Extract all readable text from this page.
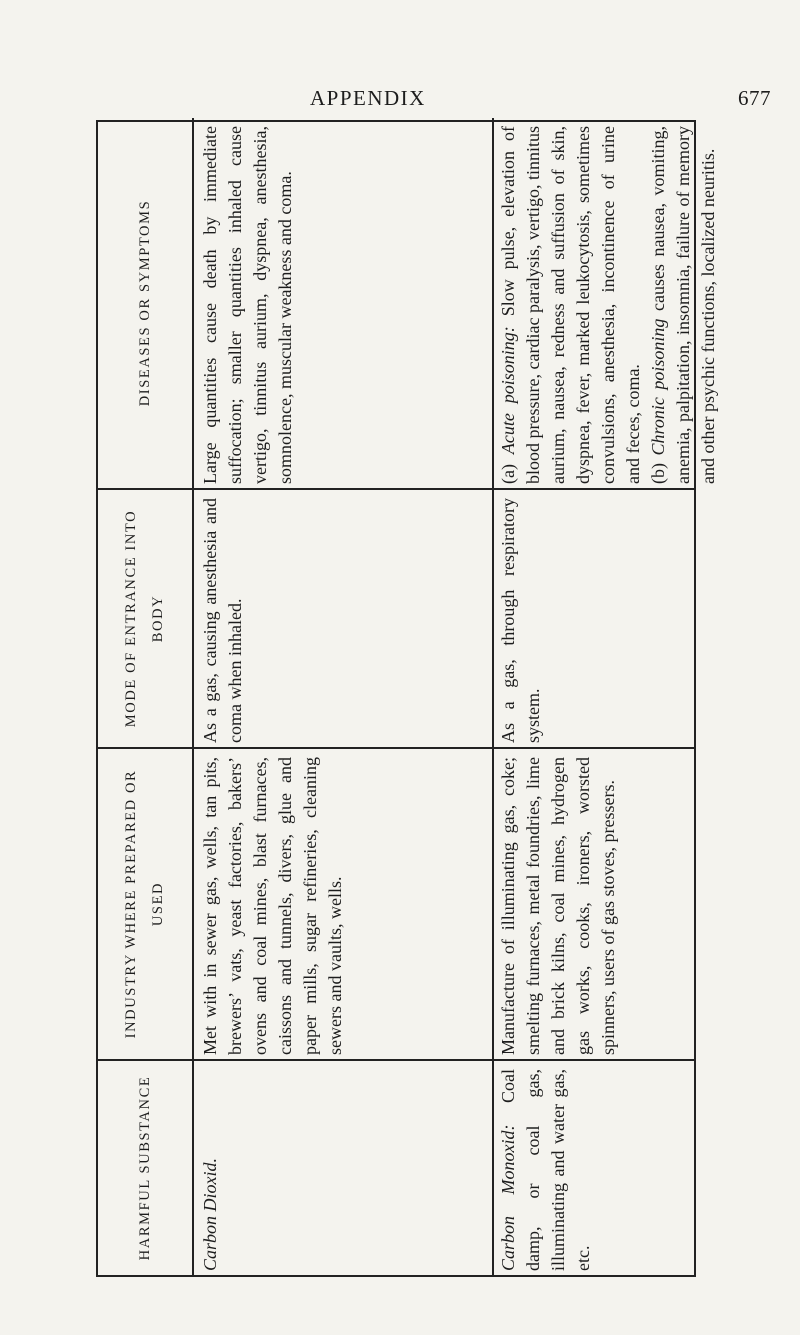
APPENDIX	677
HARMFUL SUBSTANCE	Carbon Dioxid.	Carbon Monoxid: Coal damp, or coal gas, illuminating and water gas, etc.
INDUSTRY WHERE PREPARED OR USED	Met with in sewer gas, wells, tan pits, brewers’ vats, yeast factories, bakers’ ovens and coal mines, blast furnaces, caissons and tunnels, divers, glue and paper mills, sugar refineries, cleaning sewers and vaults, wells.	Manufacture of illuminating gas, coke; smelting furnaces, metal foundries, lime and brick kilns, coal mines, hydrogen gas works, cooks, ironers, worsted spinners, users of gas stoves, pressers.
MODE OF ENTRANCE INTO BODY	As a gas, causing anesthesia and coma when inhaled.	As a gas, through respiratory system.
DISEASES OR SYMPTOMS	Large quantities cause death by immediate suffocation; smaller quantities inhaled cause vertigo, tinnitus aurium, dyspnea, anesthesia, somnolence, muscular weakness and coma.	(a) Acute poisoning: Slow pulse, elevation of blood pressure, cardiac paralysis, vertigo, tinnitus aurium, nausea, redness and suffusion of skin, dyspnea, fever, marked leukocytosis, sometimes convulsions, anesthesia, incontinence of urine and feces, coma. (b) Chronic poisoning causes nausea, vomiting, anemia, palpitation, insomnia, failure of memory and other psychic functions, localized neuritis.
